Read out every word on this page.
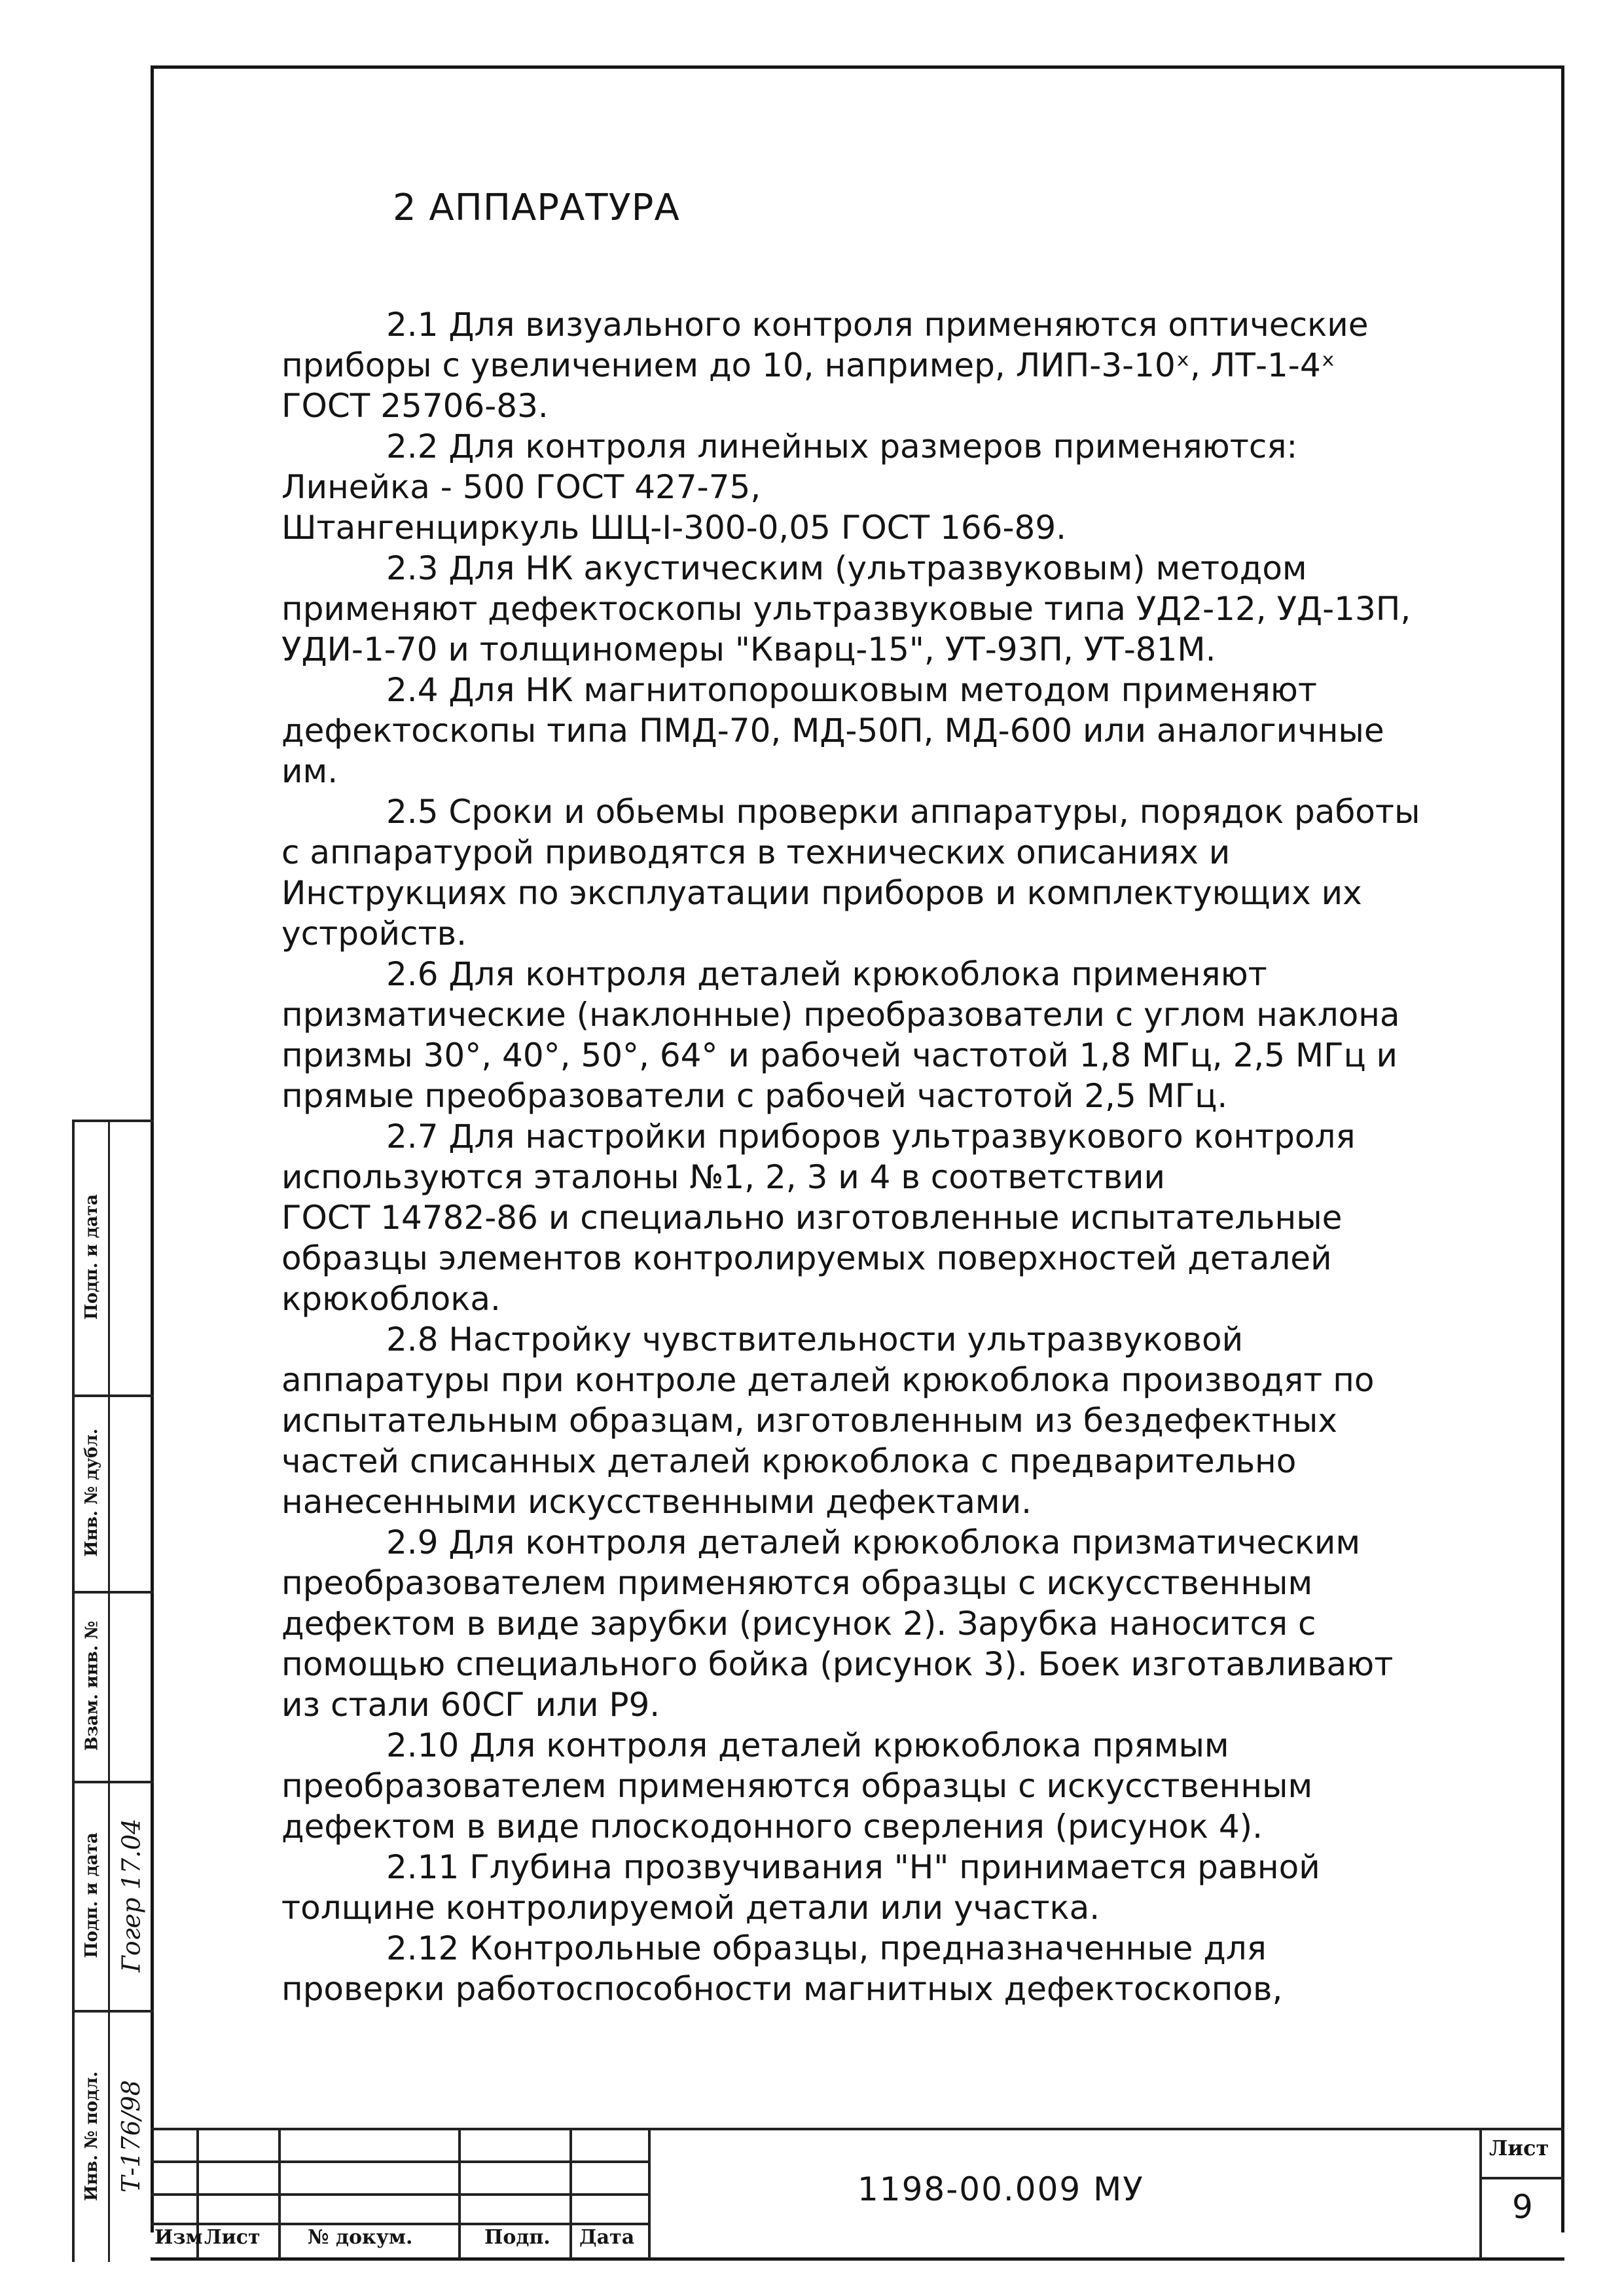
2 АППАРАТУРА
2.1 Для визуального контроля применяются оптические
приборы с увеличением до 10, например, ЛИП-3-10ˣ, ЛТ-1-4ˣ
ГОСТ 25706-83.
2.2 Для контроля линейных размеров применяются:
Линейка - 500 ГОСТ 427-75,
Штангенциркуль ШЦ-I-300-0,05 ГОСТ 166-89.
2.3 Для НК акустическим (ультразвуковым) методом
применяют дефектоскопы ультразвуковые типа УД2-12, УД-13П,
УДИ-1-70 и толщиномеры "Кварц-15", УТ-93П, УТ-81М.
2.4 Для НК магнитопорошковым методом применяют
дефектоскопы типа ПМД-70, МД-50П, МД-600 или аналогичные
им.
2.5 Сроки и обьемы проверки аппаратуры, порядок работы
с аппаратурой приводятся в технических описаниях и
Инструкциях по эксплуатации приборов и комплектующих их
устройств.
2.6 Для контроля деталей крюкоблока применяют
призматические (наклонные) преобразователи с углом наклона
призмы 30°, 40°, 50°, 64° и рабочей частотой 1,8 МГц, 2,5 МГц и
прямые преобразователи с рабочей частотой 2,5 МГц.
2.7 Для настройки приборов ультразвукового контроля
используются эталоны №1, 2, 3 и 4 в соответствии
ГОСТ 14782-86 и специально изготовленные испытательные
образцы элементов контролируемых поверхностей деталей
крюкоблока.
2.8 Настройку чувствительности ультразвуковой
аппаратуры при контроле деталей крюкоблока производят по
испытательным образцам, изготовленным из бездефектных
частей списанных деталей крюкоблока с предварительно
нанесенными искусственными дефектами.
2.9 Для контроля деталей крюкоблока призматическим
преобразователем применяются образцы с искусственным
дефектом в виде зарубки (рисунок 2). Зарубка наносится с
помощью специального бойка (рисунок 3). Боек изготавливают
из стали 60СГ или Р9.
2.10 Для контроля деталей крюкоблока прямым
преобразователем применяются образцы с искусственным
дефектом в виде плоскодонного сверления (рисунок 4).
2.11 Глубина прозвучивания "Н" принимается равной
толщине контролируемой детали или участка.
2.12 Контрольные образцы, предназначенные для
проверки работоспособности магнитных дефектоскопов,
Подп. и дата
Инв. № дубл.
Взам. инв. №
Подп. и дата
Инв. № подл.
Гогер 17.04
Т-176/98
Изм Лист № докум.	Подп. Дата
1198-00.009 МУ
Лист
9
